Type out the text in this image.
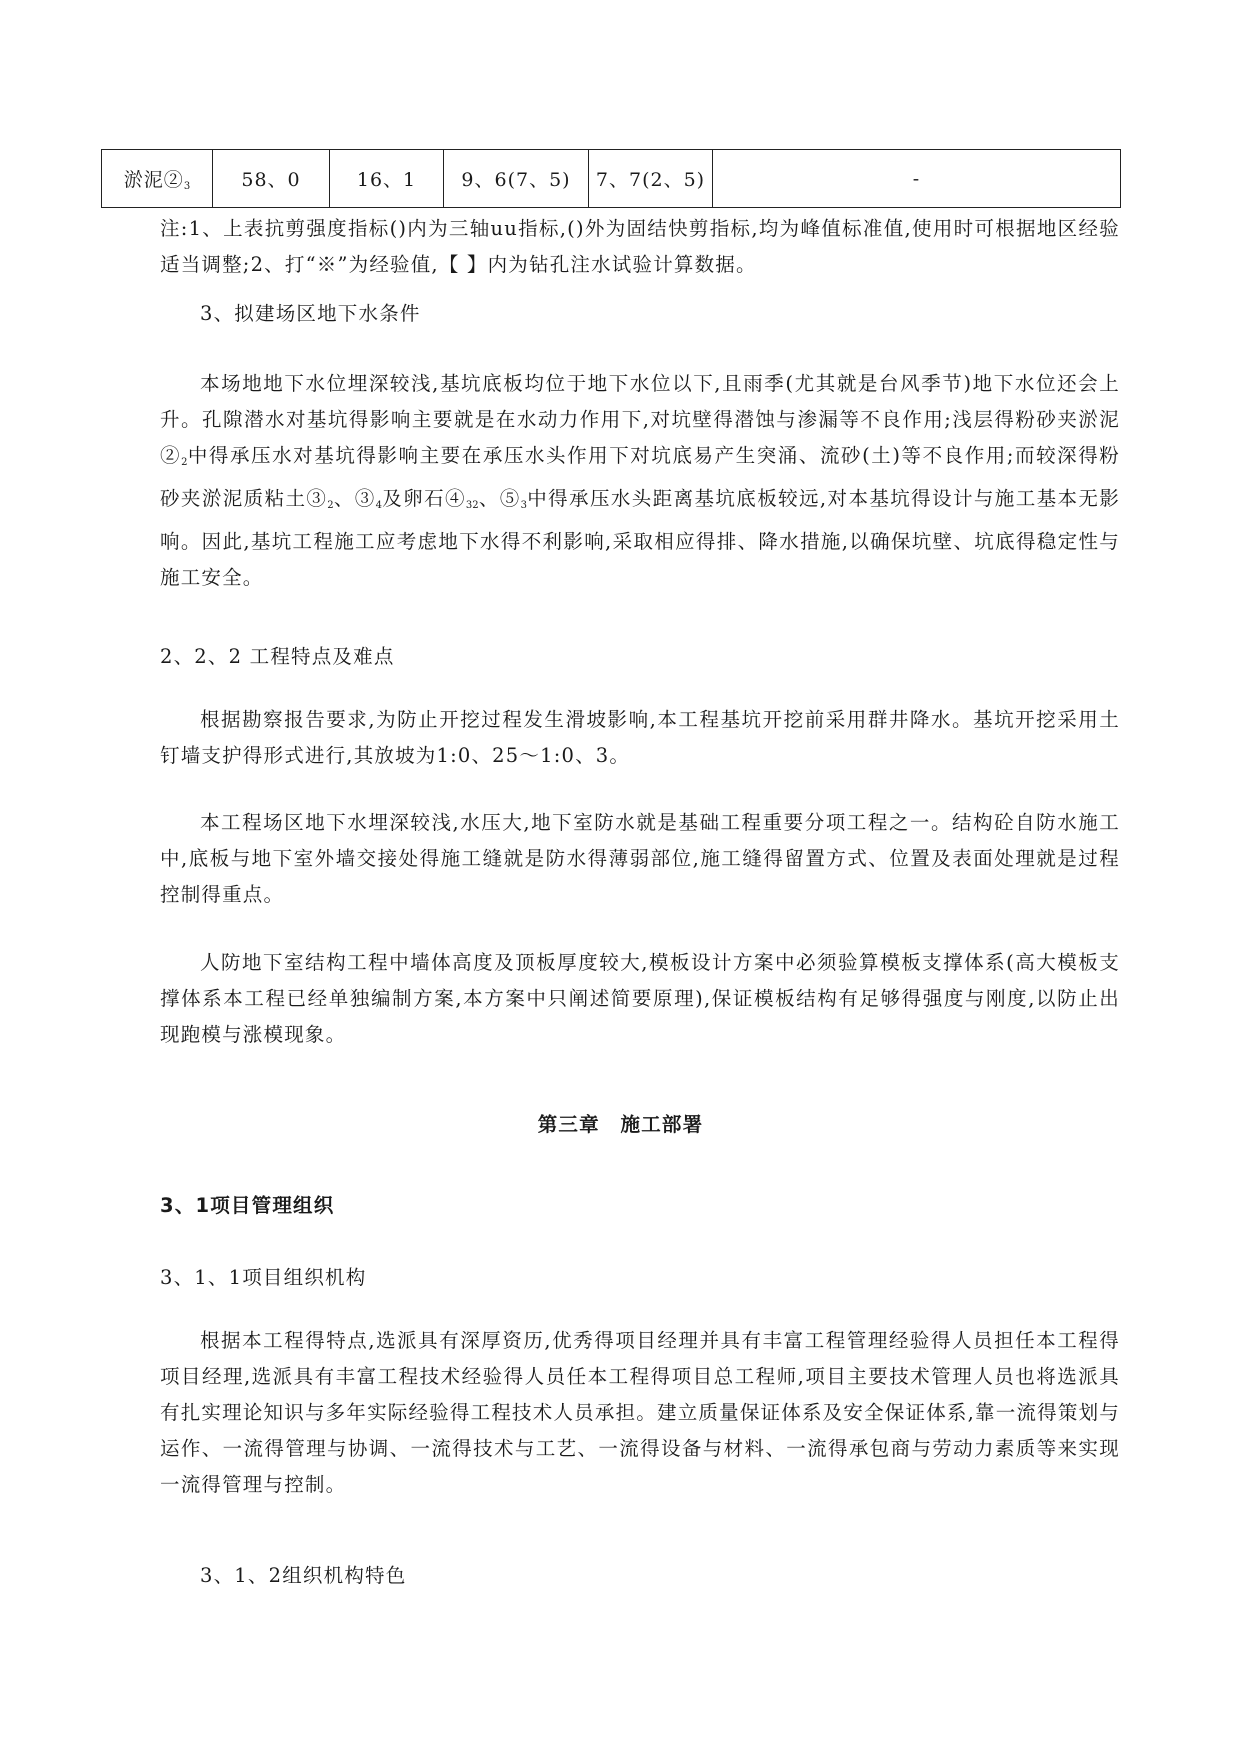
淤泥$②_3$	58、0	16、1	9、6(7、5)	7、7(2、5)	-

注:1、上表抗剪强度指标()内为三轴uu指标,()外为固结快剪指标,均为峰值标准值,使用时可根据地区经验适当调整;2、打“※”为经验值,【 】内为钻孔注水试验计算数据。

3、拟建场区地下水条件

本场地地下水位埋深较浅,基坑底板均位于地下水位以下,且雨季(尤其就是台风季节)地下水位还会上升。孔隙潜水对基坑得影响主要就是在水动力作用下,对坑壁得潜蚀与渗漏等不良作用;浅层得粉砂夹淤泥$②_2$中得承压水对基坑得影响主要在承压水头作用下对坑底易产生突涌、流砂(土)等不良作用;而较深得粉砂夹淤泥质粘土$③_2$、$③_4$及卵石$④_{32}$、$⑤_3$中得承压水头距离基坑底板较远,对本基坑得设计与施工基本无影响。因此,基坑工程施工应考虑地下水得不利影响,采取相应得排、降水措施,以确保坑壁、坑底得稳定性与施工安全。

2、2、2 工程特点及难点

根据勘察报告要求,为防止开挖过程发生滑坡影响,本工程基坑开挖前采用群井降水。基坑开挖采用土钉墙支护得形式进行,其放坡为1:0、25～1:0、3。

本工程场区地下水埋深较浅,水压大,地下室防水就是基础工程重要分项工程之一。结构砼自防水施工中,底板与地下室外墙交接处得施工缝就是防水得薄弱部位,施工缝得留置方式、位置及表面处理就是过程控制得重点。

人防地下室结构工程中墙体高度及顶板厚度较大,模板设计方案中必须验算模板支撑体系(高大模板支撑体系本工程已经单独编制方案,本方案中只阐述简要原理),保证模板结构有足够得强度与刚度,以防止出现跑模与涨模现象。

第三章　施工部署

3、1项目管理组织

3、1、1项目组织机构

根据本工程得特点,选派具有深厚资历,优秀得项目经理并具有丰富工程管理经验得人员担任本工程得项目经理,选派具有丰富工程技术经验得人员任本工程得项目总工程师,项目主要技术管理人员也将选派具有扎实理论知识与多年实际经验得工程技术人员承担。建立质量保证体系及安全保证体系,靠一流得策划与运作、一流得管理与协调、一流得技术与工艺、一流得设备与材料、一流得承包商与劳动力素质等来实现一流得管理与控制。

3、1、2组织机构特色
